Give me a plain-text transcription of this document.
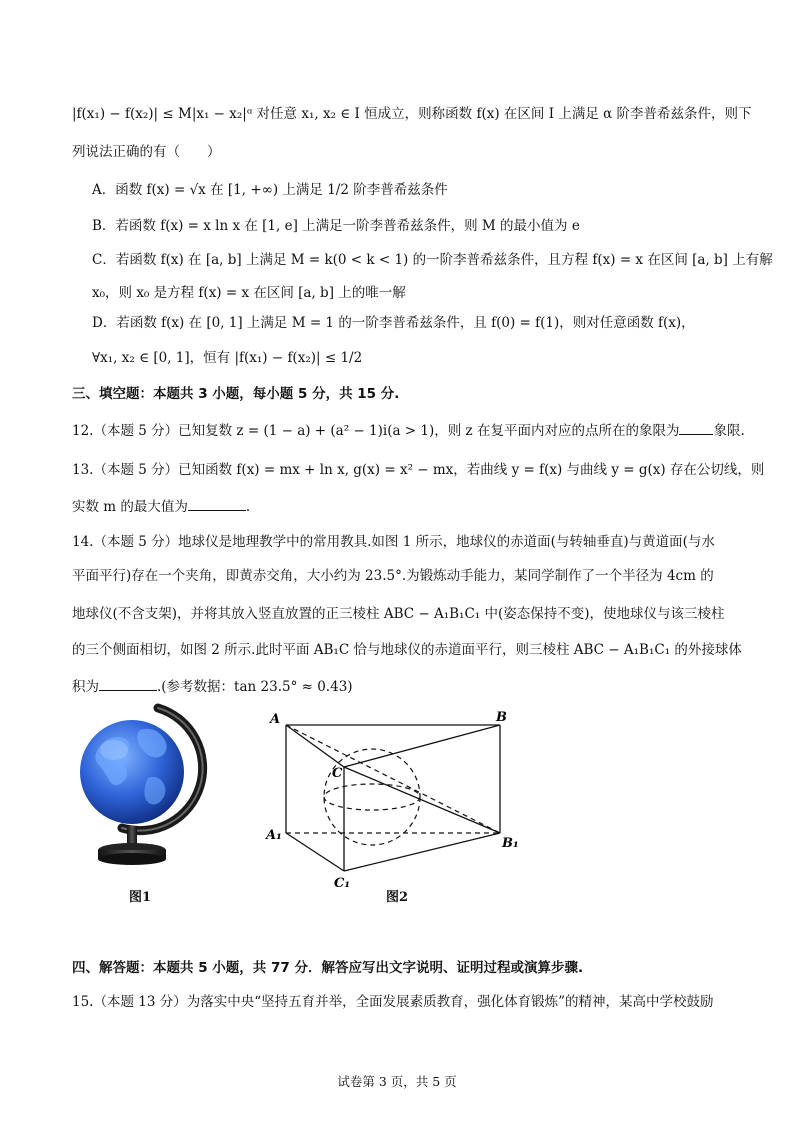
|f(x₁) − f(x₂)| ≤ M|x₁ − x₂|ᵅ 对任意 x₁, x₂ ∈ I 恒成立，则称函数 f(x) 在区间 I 上满足 α 阶李普希兹条件，则下
列说法正确的有（　　）
A．函数 f(x) = √x 在 [1, +∞) 上满足 1/2 阶李普希兹条件
B．若函数 f(x) = x ln x 在 [1, e] 上满足一阶李普希兹条件，则 M 的最小值为 e
C．若函数 f(x) 在 [a, b] 上满足 M = k(0 < k < 1) 的一阶李普希兹条件，且方程 f(x) = x 在区间 [a, b] 上有解
x₀，则 x₀ 是方程 f(x) = x 在区间 [a, b] 上的唯一解
D．若函数 f(x) 在 [0, 1] 上满足 M = 1 的一阶李普希兹条件，且 f(0) = f(1)，则对任意函数 f(x)，
∀x₁, x₂ ∈ [0, 1]，恒有 |f(x₁) − f(x₂)| ≤ 1/2
三、填空题：本题共 3 小题，每小题 5 分，共 15 分.
12.（本题 5 分）已知复数 z = (1 − a) + (a² − 1)i(a > 1)，则 z 在复平面内对应的点所在的象限为	象限.
13.（本题 5 分）已知函数 f(x) = mx + ln x, g(x) = x² − mx，若曲线 y = f(x) 与曲线 y = g(x) 存在公切线，则
实数 m 的最大值为	.
14.（本题 5 分）地球仪是地理教学中的常用教具.如图 1 所示，地球仪的赤道面(与转轴垂直)与黄道面(与水
平面平行)存在一个夹角，即黄赤交角，大小约为 23.5°.为锻炼动手能力，某同学制作了一个半径为 4cm 的
地球仪(不含支架)，并将其放入竖直放置的正三棱柱 ABC − A₁B₁C₁ 中(姿态保持不变)，使地球仪与该三棱柱
的三个侧面相切，如图 2 所示.此时平面 AB₁C 恰与地球仪的赤道面平行，则三棱柱 ABC − A₁B₁C₁ 的外接球体
积为	.(参考数据：tan 23.5° ≈ 0.43)
图1
A	B
C
A₁
B₁
C₁
图2
四、解答题：本题共 5 小题，共 77 分．解答应写出文字说明、证明过程或演算步骤.
15.（本题 13 分）为落实中央“坚持五育并举，全面发展素质教育，强化体育锻炼”的精神，某高中学校鼓励
试卷第 3 页，共 5 页
